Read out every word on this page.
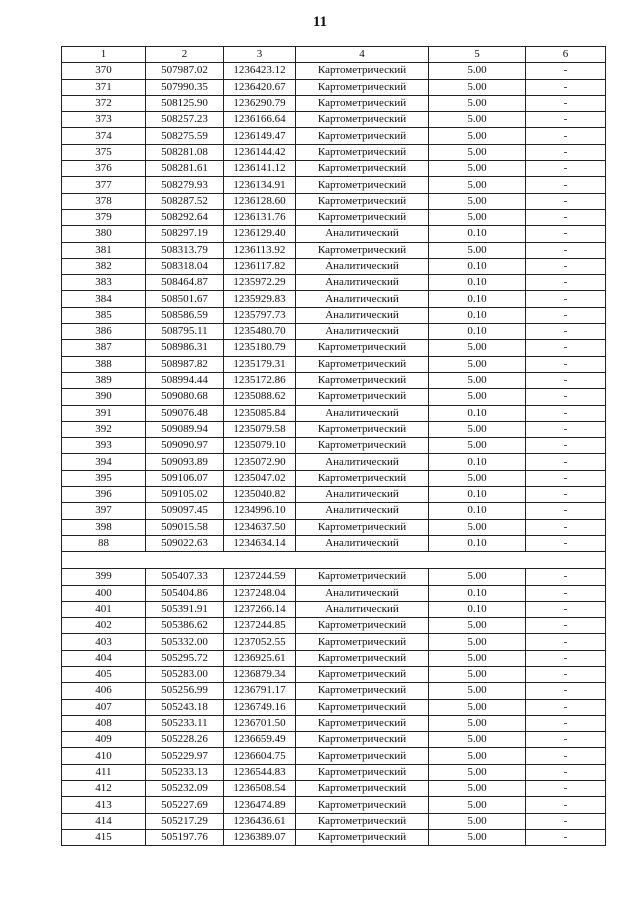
11
1	2	3	4	5	6
370	507987.02	1236423.12	Картометрический	5.00	-
371	507990.35	1236420.67	Картометрический	5.00	-
372	508125.90	1236290.79	Картометрический	5.00	-
373	508257.23	1236166.64	Картометрический	5.00	-
374	508275.59	1236149.47	Картометрический	5.00	-
375	508281.08	1236144.42	Картометрический	5.00	-
376	508281.61	1236141.12	Картометрический	5.00	-
377	508279.93	1236134.91	Картометрический	5.00	-
378	508287.52	1236128.60	Картометрический	5.00	-
379	508292.64	1236131.76	Картометрический	5.00	-
380	508297.19	1236129.40	Аналитический	0.10	-
381	508313.79	1236113.92	Картометрический	5.00	-
382	508318.04	1236117.82	Аналитический	0.10	-
383	508464.87	1235972.29	Аналитический	0.10	-
384	508501.67	1235929.83	Аналитический	0.10	-
385	508586.59	1235797.73	Аналитический	0.10	-
386	508795.11	1235480.70	Аналитический	0.10	-
387	508986.31	1235180.79	Картометрический	5.00	-
388	508987.82	1235179.31	Картометрический	5.00	-
389	508994.44	1235172.86	Картометрический	5.00	-
390	509080.68	1235088.62	Картометрический	5.00	-
391	509076.48	1235085.84	Аналитический	0.10	-
392	509089.94	1235079.58	Картометрический	5.00	-
393	509090.97	1235079.10	Картометрический	5.00	-
394	509093.89	1235072.90	Аналитический	0.10	-
395	509106.07	1235047.02	Картометрический	5.00	-
396	509105.02	1235040.82	Аналитический	0.10	-
397	509097.45	1234996.10	Аналитический	0.10	-
398	509015.58	1234637.50	Картометрический	5.00	-
88	509022.63	1234634.14	Аналитический	0.10	-

399	505407.33	1237244.59	Картометрический	5.00	-
400	505404.86	1237248.04	Аналитический	0.10	-
401	505391.91	1237266.14	Аналитический	0.10	-
402	505386.62	1237244.85	Картометрический	5.00	-
403	505332.00	1237052.55	Картометрический	5.00	-
404	505295.72	1236925.61	Картометрический	5.00	-
405	505283.00	1236879.34	Картометрический	5.00	-
406	505256.99	1236791.17	Картометрический	5.00	-
407	505243.18	1236749.16	Картометрический	5.00	-
408	505233.11	1236701.50	Картометрический	5.00	-
409	505228.26	1236659.49	Картометрический	5.00	-
410	505229.97	1236604.75	Картометрический	5.00	-
411	505233.13	1236544.83	Картометрический	5.00	-
412	505232.09	1236508.54	Картометрический	5.00	-
413	505227.69	1236474.89	Картометрический	5.00	-
414	505217.29	1236436.61	Картометрический	5.00	-
415	505197.76	1236389.07	Картометрический	5.00	-
